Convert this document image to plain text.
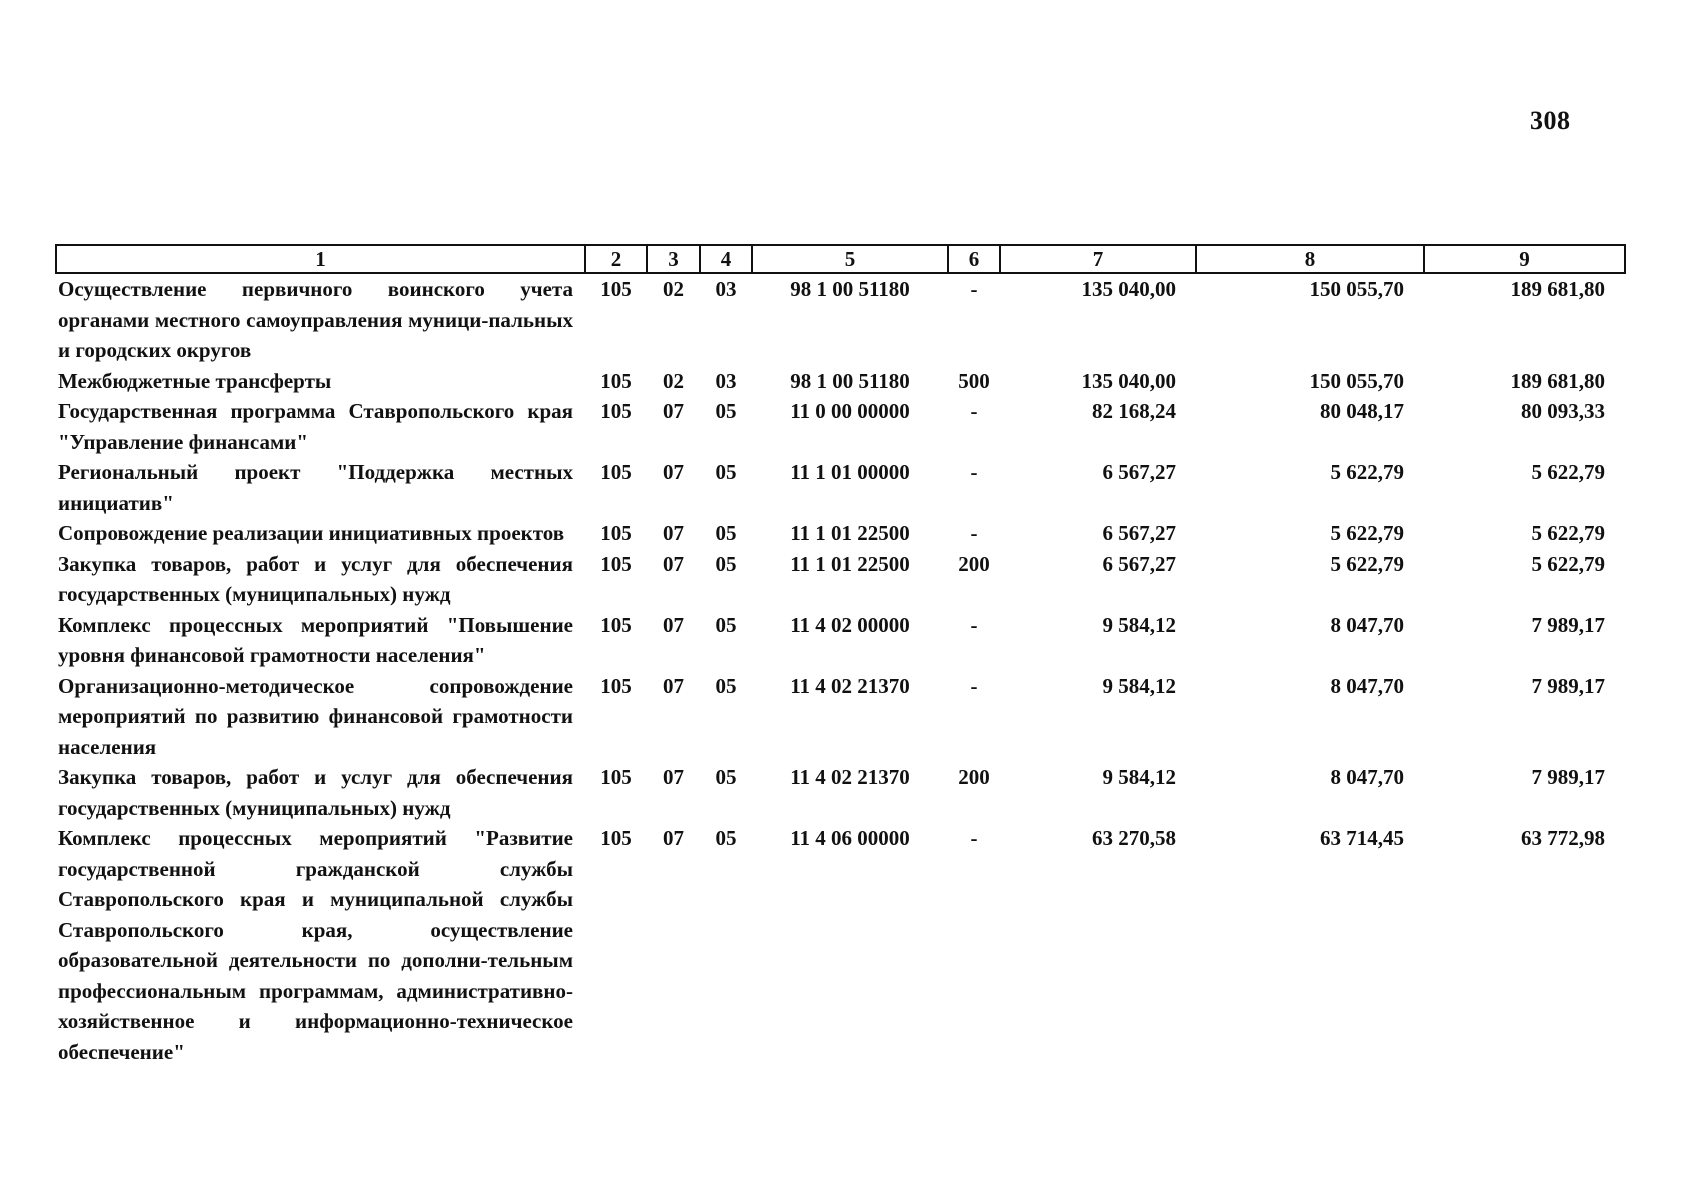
308
1	2	3	4	5	6	7	8	9
Осуществление первичного воинского учета органами местного самоуправления муници-пальных и городских округов	105	02	03	98 1 00 51180	-	135 040,00	150 055,70	189 681,80
Межбюджетные трансферты	105	02	03	98 1 00 51180	500	135 040,00	150 055,70	189 681,80
Государственная программа Ставропольского края "Управление финансами"	105	07	05	11 0 00 00000	-	82 168,24	80 048,17	80 093,33
Региональный проект "Поддержка местных инициатив"	105	07	05	11 1 01 00000	-	6 567,27	5 622,79	5 622,79
Сопровождение реализации инициативных проектов	105	07	05	11 1 01 22500	-	6 567,27	5 622,79	5 622,79
Закупка товаров, работ и услуг для обеспечения государственных (муниципальных) нужд	105	07	05	11 1 01 22500	200	6 567,27	5 622,79	5 622,79
Комплекс процессных мероприятий "Повышение уровня финансовой грамотности населения"	105	07	05	11 4 02 00000	-	9 584,12	8 047,70	7 989,17
Организационно-методическое сопровождение мероприятий по развитию финансовой грамотности населения	105	07	05	11 4 02 21370	-	9 584,12	8 047,70	7 989,17
Закупка товаров, работ и услуг для обеспечения государственных (муниципальных) нужд	105	07	05	11 4 02 21370	200	9 584,12	8 047,70	7 989,17
Комплекс процессных мероприятий "Развитие государственной гражданской службы Ставропольского края и муниципальной службы Ставропольского края, осуществление образовательной деятельности по дополни-тельным профессиональным программам, административно-хозяйственное и информационно-техническое обеспечение"	105	07	05	11 4 06 00000	-	63 270,58	63 714,45	63 772,98
